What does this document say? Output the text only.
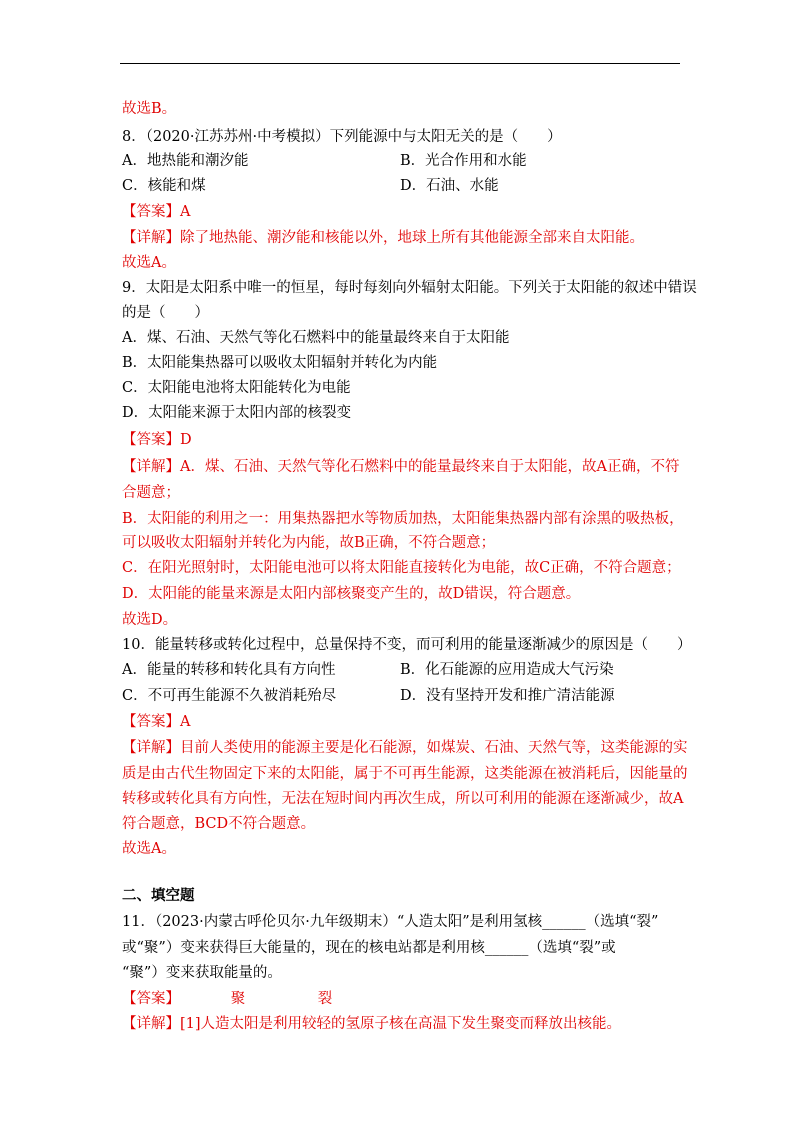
故选B。
8．（2020·江苏苏州·中考模拟）下列能源中与太阳无关的是（　　）
A．地热能和潮汐能	B．光合作用和水能
C．核能和煤	D．石油、水能
【答案】A
【详解】除了地热能、潮汐能和核能以外，地球上所有其他能源全部来自太阳能。
故选A。
9．太阳是太阳系中唯一的恒星，每时每刻向外辐射太阳能。下列关于太阳能的叙述中错误
的是（　　）
A．煤、石油、天然气等化石燃料中的能量最终来自于太阳能
B．太阳能集热器可以吸收太阳辐射并转化为内能
C．太阳能电池将太阳能转化为电能
D．太阳能来源于太阳内部的核裂变
【答案】D
【详解】A．煤、石油、天然气等化石燃料中的能量最终来自于太阳能，故A正确，不符
合题意；
B．太阳能的利用之一：用集热器把水等物质加热，太阳能集热器内部有涂黑的吸热板，
可以吸收太阳辐射并转化为内能，故B正确，不符合题意；
C．在阳光照射时，太阳能电池可以将太阳能直接转化为电能，故C正确，不符合题意；
D．太阳能的能量来源是太阳内部核聚变产生的，故D错误，符合题意。
故选D。
10．能量转移或转化过程中，总量保持不变，而可利用的能量逐渐减少的原因是（　　）
A．能量的转移和转化具有方向性	B．化石能源的应用造成大气污染
C．不可再生能源不久被消耗殆尽	D．没有坚持开发和推广清洁能源
【答案】A
【详解】目前人类使用的能源主要是化石能源，如煤炭、石油、天然气等，这类能源的实
质是由古代生物固定下来的太阳能，属于不可再生能源，这类能源在被消耗后，因能量的
转移或转化具有方向性，无法在短时间内再次生成，所以可利用的能源在逐渐减少，故A
符合题意，BCD不符合题意。
故选A。
二、填空题
11．（2023·内蒙古呼伦贝尔·九年级期末）“人造太阳”是利用氢核______（选填“裂”
或“聚”）变来获得巨大能量的，现在的核电站都是利用核______（选填“裂”或
“聚”）变来获取能量的。
【答案】　　　　聚　　　　　裂
【详解】[1]人造太阳是利用较轻的氢原子核在高温下发生聚变而释放出核能。
